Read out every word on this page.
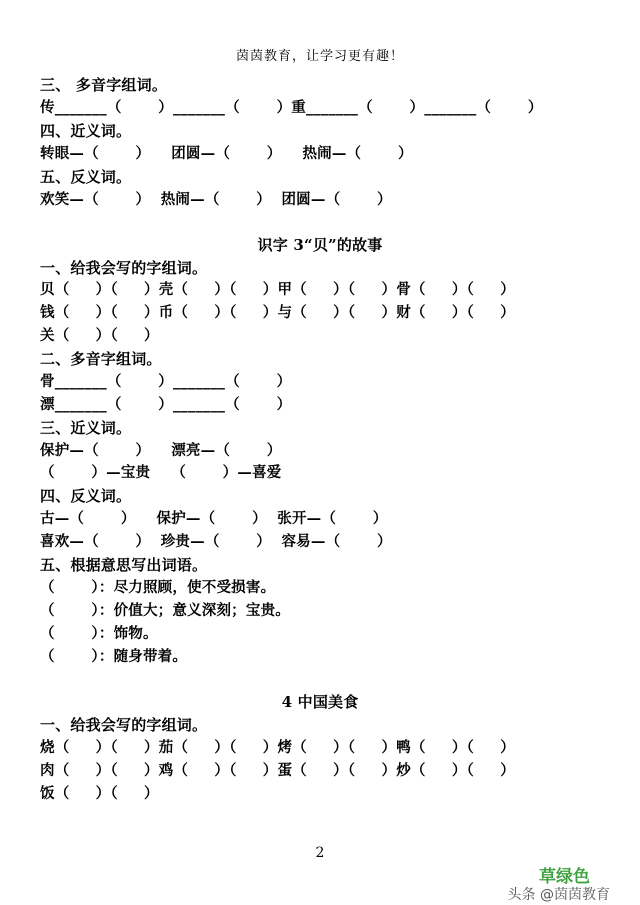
茵茵教育，让学习更有趣！
三、 多音字组词。
传_______（       ）_______（       ）重_______（       ）_______（       ）
四、近义词。
转眼—（       ）    团圆—（       ）    热闹—（       ）
五、反义词。
欢笑—（       ）  热闹—（       ）  团圆—（       ）
识字 3“贝”的故事
一、给我会写的字组词。
贝（     ）（     ）壳（     ）（     ）甲（     ）（     ）骨（     ）（     ）
钱（     ）（     ）币（     ）（     ）与（     ）（     ）财（     ）（     ）
关（     ）（     ）
二、多音字组词。
骨_______（       ）_______（       ）
漂_______（       ）_______（       ）
三、近义词。
保护—（       ）    漂亮—（       ）
（       ）—宝贵    （       ）—喜爱
四、反义词。
古—（       ）    保护—（       ）  张开—（       ）
喜欢—（       ）  珍贵—（       ）  容易—（       ）
五、根据意思写出词语。
（       ）：尽力照顾，使不受损害。
（       ）：价值大；意义深刻；宝贵。
（       ）：饰物。
（       ）：随身带着。
4 中国美食
一、给我会写的字组词。
烧（     ）（     ）茄（     ）（     ）烤（     ）（     ）鸭（     ）（     ）
肉（     ）（     ）鸡（     ）（     ）蛋（     ）（     ）炒（     ）（     ）
饭（     ）（     ）
2
草绿色
头条 @茵茵教育
